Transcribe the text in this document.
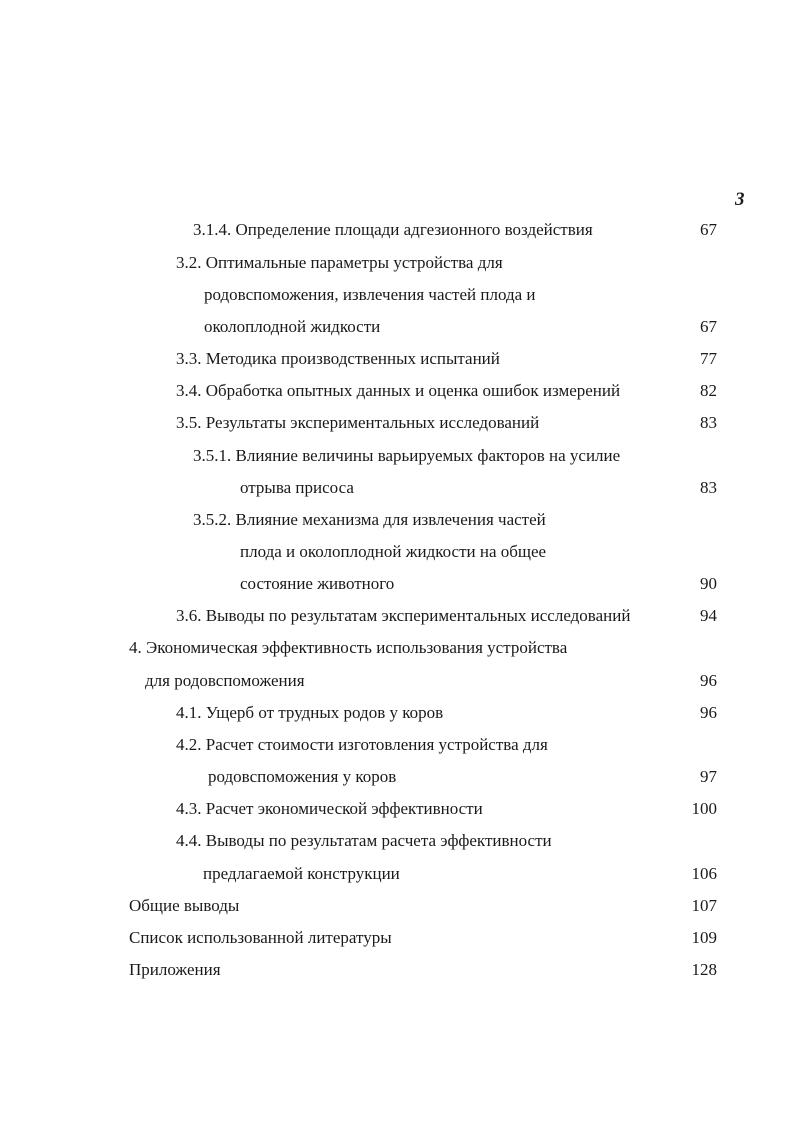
3
3.1.4. Определение площади адгезионного воздействия	67
3.2. Оптимальные параметры устройства для
родовспоможения, извлечения частей плода и
околоплодной жидкости	67
3.3. Методика производственных испытаний	77
3.4. Обработка опытных данных и оценка ошибок измерений	82
3.5. Результаты экспериментальных исследований	83
3.5.1. Влияние величины варьируемых факторов на усилие
отрыва присоса	83
3.5.2. Влияние механизма для извлечения частей
плода и околоплодной жидкости на общее
состояние животного	90
3.6. Выводы по результатам экспериментальных исследований	94
4. Экономическая эффективность использования устройства
для родовспоможения	96
4.1. Ущерб от трудных родов у коров	96
4.2. Расчет стоимости изготовления устройства для
родовспоможения у коров	97
4.3. Расчет экономической эффективности	100
4.4. Выводы по результатам расчета эффективности
предлагаемой конструкции	106
Общие выводы	107
Список использованной литературы	109
Приложения	128
